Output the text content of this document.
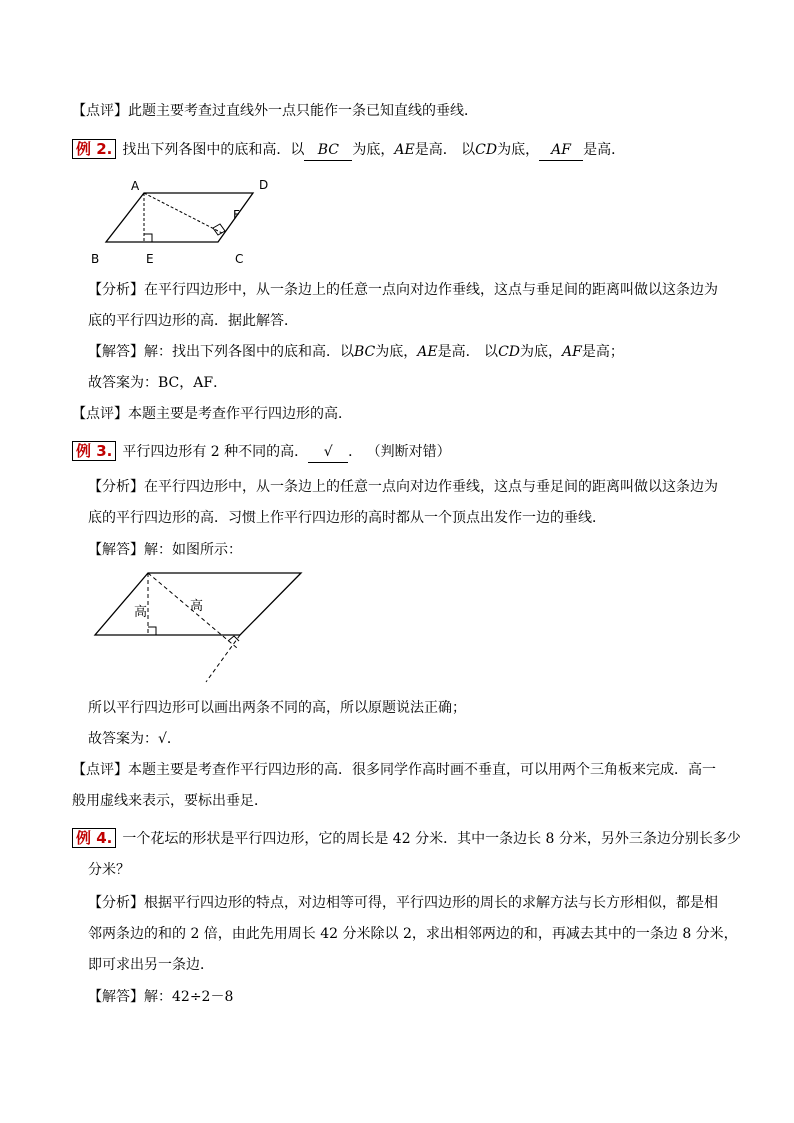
【点评】此题主要考查过直线外一点只能作一条已知直线的垂线．
例 2. 找出下列各图中的底和高．以 BC 为底，AE是高． 以CD为底， AF 是高．
A	D
F
B	E	C
【分析】在平行四边形中，从一条边上的任意一点向对边作垂线，这点与垂足间的距离叫做以这条边为
底的平行四边形的高．据此解答．
【解答】解：找出下列各图中的底和高．以BC为底，AE是高． 以CD为底，AF是高；
故答案为：BC，AF．
【点评】本题主要是考查作平行四边形的高．
例 3. 平行四边形有 2 种不同的高． √ ． （判断对错）
【分析】在平行四边形中，从一条边上的任意一点向对边作垂线，这点与垂足间的距离叫做以这条边为
底的平行四边形的高．习惯上作平行四边形的高时都从一个顶点出发作一边的垂线．
【解答】解：如图所示：
高	高
所以平行四边形可以画出两条不同的高，所以原题说法正确；
故答案为：√．
【点评】本题主要是考查作平行四边形的高．很多同学作高时画不垂直，可以用两个三角板来完成．高一
般用虚线来表示，要标出垂足．
例 4. 一个花坛的形状是平行四边形，它的周长是 42 分米．其中一条边长 8 分米，另外三条边分别长多少
分米？
【分析】根据平行四边形的特点，对边相等可得，平行四边形的周长的求解方法与长方形相似，都是相
邻两条边的和的 2 倍，由此先用周长 42 分米除以 2，求出相邻两边的和，再减去其中的一条边 8 分米，
即可求出另一条边．
【解答】解：42÷2－8
